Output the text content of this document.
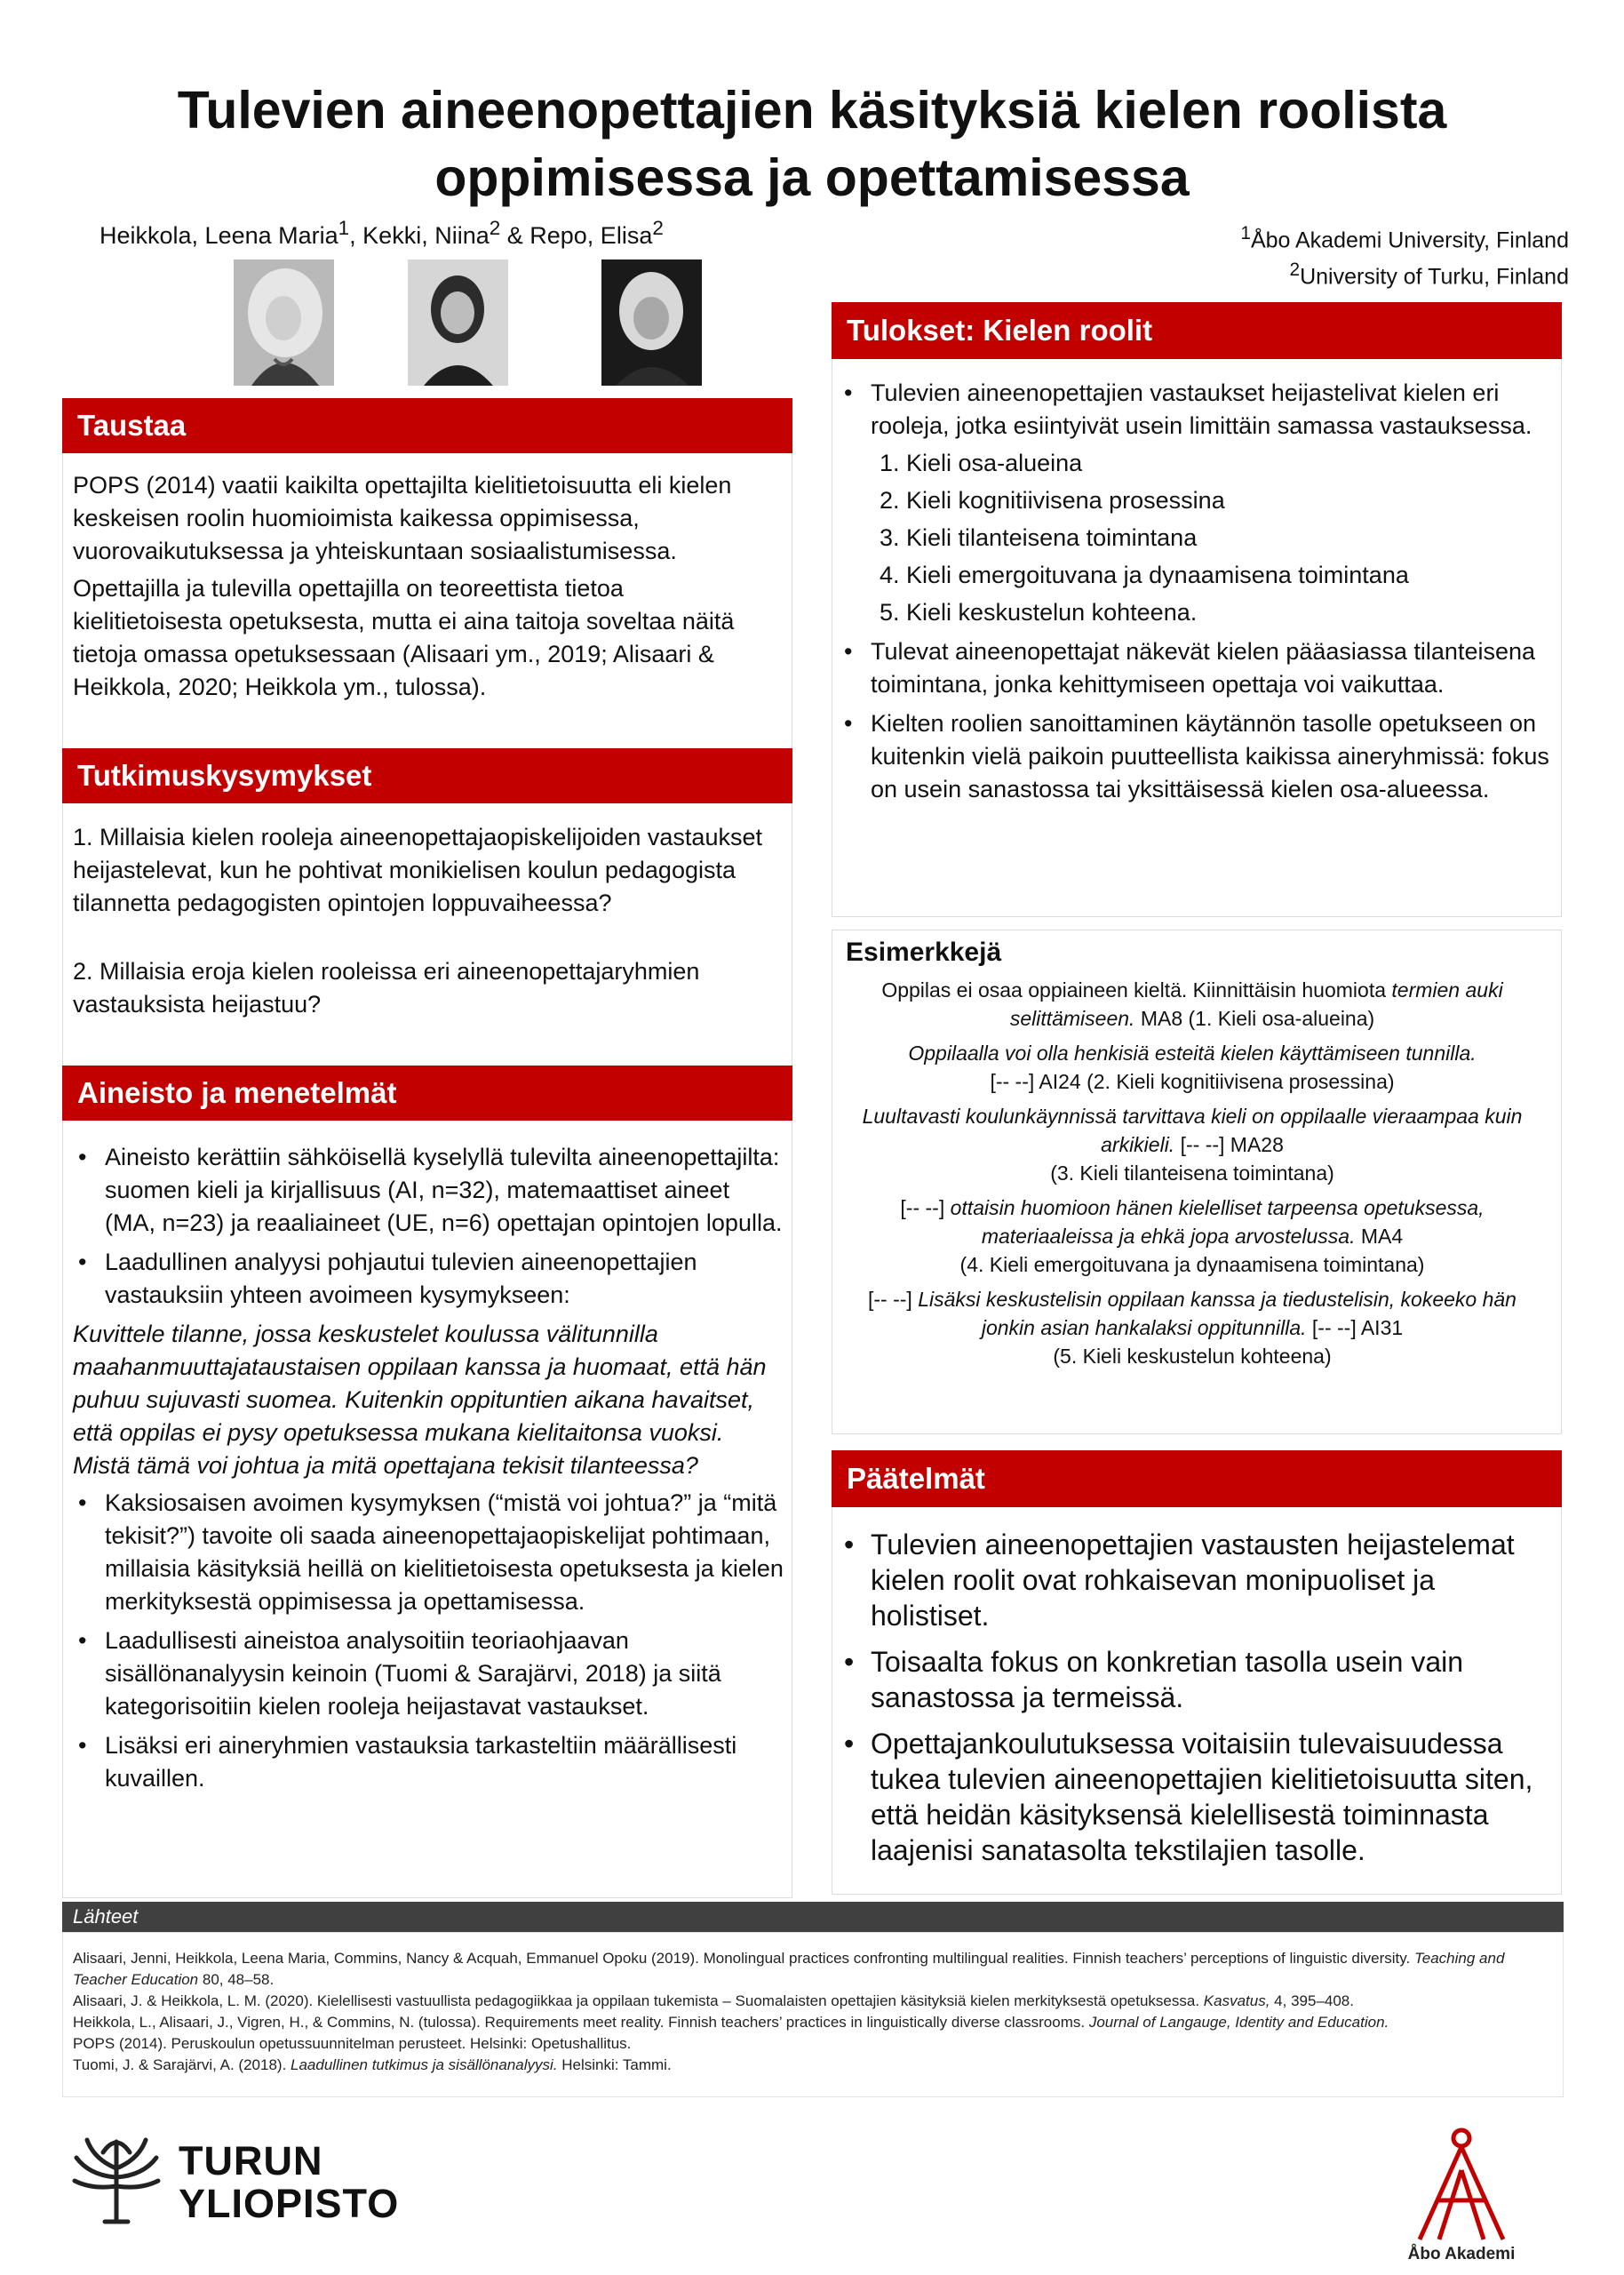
Tulevien aineenopettajien käsityksiä kielen roolista
oppimisessa ja opettamisessa
Heikkola, Leena Maria$^1$, Kekki, Niina$^2$ & Repo, Elisa$^2$	$^1$Åbo Akademi University, Finland
$^2$University of Turku, Finland
Taustaa

POPS (2014) vaatii kaikilta opettajilta kielitietoisuutta eli kielen keskeisen roolin huomioimista kaikessa oppimisessa, vuorovaikutuksessa ja yhteiskuntaan sosiaalistumisessa.

Opettajilla ja tulevilla opettajilla on teoreettista tietoa kielitietoisesta opetuksesta, mutta ei aina taitoja soveltaa näitä tietoja omassa opetuksessaan (Alisaari ym., 2019; Alisaari & Heikkola, 2020; Heikkola ym., tulossa).

Tutkimuskysymykset

1. Millaisia kielen rooleja aineenopettajaopiskelijoiden vastaukset heijastelevat, kun he pohtivat monikielisen koulun pedagogista tilannetta pedagogisten opintojen loppuvaiheessa?

2. Millaisia eroja kielen rooleissa eri aineenopettajaryhmien vastauksista heijastuu?

Aineisto ja menetelmät
• Aineisto kerättiin sähköisellä kyselyllä tulevilta aineenopettajilta: suomen kieli ja kirjallisuus (AI, n=32), matemaattiset aineet (MA, n=23) ja reaaliaineet (UE, n=6) opettajan opintojen lopulla.
• Laadullinen analyysi pohjautui tulevien aineenopettajien vastauksiin yhteen avoimeen kysymykseen:

Kuvittele tilanne, jossa keskustelet koulussa välitunnilla maahanmuuttajataustaisen oppilaan kanssa ja huomaat, että hän puhuu sujuvasti suomea. Kuitenkin oppituntien aikana havaitset, että oppilas ei pysy opetuksessa mukana kielitaitonsa vuoksi. Mistä tämä voi johtua ja mitä opettajana tekisit tilanteessa?

• Kaksiosaisen avoimen kysymyksen (“mistä voi johtua?” ja “mitä tekisit?”) tavoite oli saada aineenopettajaopiskelijat pohtimaan, millaisia käsityksiä heillä on kielitietoisesta opetuksesta ja kielen merkityksestä oppimisessa ja opettamisessa.
• Laadullisesti aineistoa analysoitiin teoriaohjaavan sisällönanalyysin keinoin (Tuomi & Sarajärvi, 2018) ja siitä kategorisoitiin kielen rooleja heijastavat vastaukset.
• Lisäksi eri aineryhmien vastauksia tarkasteltiin määrällisesti kuvaillen.
Tulokset: Kielen roolit
• Tulevien aineenopettajien vastaukset heijastelivat kielen eri rooleja, jotka esiintyivät usein limittäin samassa vastauksessa.
1. Kieli osa-alueina
2. Kieli kognitiivisena prosessina
3. Kieli tilanteisena toimintana
4. Kieli emergoituvana ja dynaamisena toimintana
5. Kieli keskustelun kohteena.
• Tulevat aineenopettajat näkevät kielen pääasiassa tilanteisena toimintana, jonka kehittymiseen opettaja voi vaikuttaa.
• Kielten roolien sanoittaminen käytännön tasolle opetukseen on kuitenkin vielä paikoin puutteellista kaikissa aineryhmissä: fokus on usein sanastossa tai yksittäisessä kielen osa-alueessa.
Esimerkkejä

Oppilas ei osaa oppiaineen kieltä. Kiinnittäisin huomiota termien auki selittämiseen. MA8 (1. Kieli osa-alueina)

Oppilaalla voi olla henkisiä esteitä kielen käyttämiseen tunnilla.
[-- --] AI24 (2. Kieli kognitiivisena prosessina)

Luultavasti koulunkäynnissä tarvittava kieli on oppilaalle vieraampaa kuin arkikieli. [-- --] MA28
(3. Kieli tilanteisena toimintana)

[-- --] ottaisin huomioon hänen kielelliset tarpeensa opetuksessa, materiaaleissa ja ehkä jopa arvostelussa. MA4
(4. Kieli emergoituvana ja dynaamisena toimintana)

[-- --] Lisäksi keskustelisin oppilaan kanssa ja tiedustelisin, kokeeko hän jonkin asian hankalaksi oppitunnilla. [-- --] AI31
(5. Kieli keskustelun kohteena)

Päätelmät
• Tulevien aineenopettajien vastausten heijastelemat kielen roolit ovat rohkaisevan monipuoliset ja holistiset.
• Toisaalta fokus on konkretian tasolla usein vain sanastossa ja termeissä.
• Opettajankoulutuksessa voitaisiin tulevaisuudessa tukea tulevien aineenopettajien kielitietoisuutta siten, että heidän käsityksensä kielellisestä toiminnasta laajenisi sanatasolta tekstilajien tasolle.
Lähteet

Alisaari, Jenni, Heikkola, Leena Maria, Commins, Nancy & Acquah, Emmanuel Opoku (2019). Monolingual practices confronting multilingual realities. Finnish teachers’ perceptions of linguistic diversity. Teaching and Teacher Education 80, 48–58.

Alisaari, J. & Heikkola, L. M. (2020). Kielellisesti vastuullista pedagogiikkaa ja oppilaan tukemista – Suomalaisten opettajien käsityksiä kielen merkityksestä opetuksessa. Kasvatus, 4, 395–408.

Heikkola, L., Alisaari, J., Vigren, H., & Commins, N. (tulossa). Requirements meet reality. Finnish teachers’ practices in linguistically diverse classrooms. Journal of Langauge, Identity and Education.

POPS (2014). Peruskoulun opetussuunnitelman perusteet. Helsinki: Opetushallitus.

Tuomi, J. & Sarajärvi, A. (2018). Laadullinen tutkimus ja sisällönanalyysi. Helsinki: Tammi.

TURUN
YLIOPISTO
Åbo Akademi
